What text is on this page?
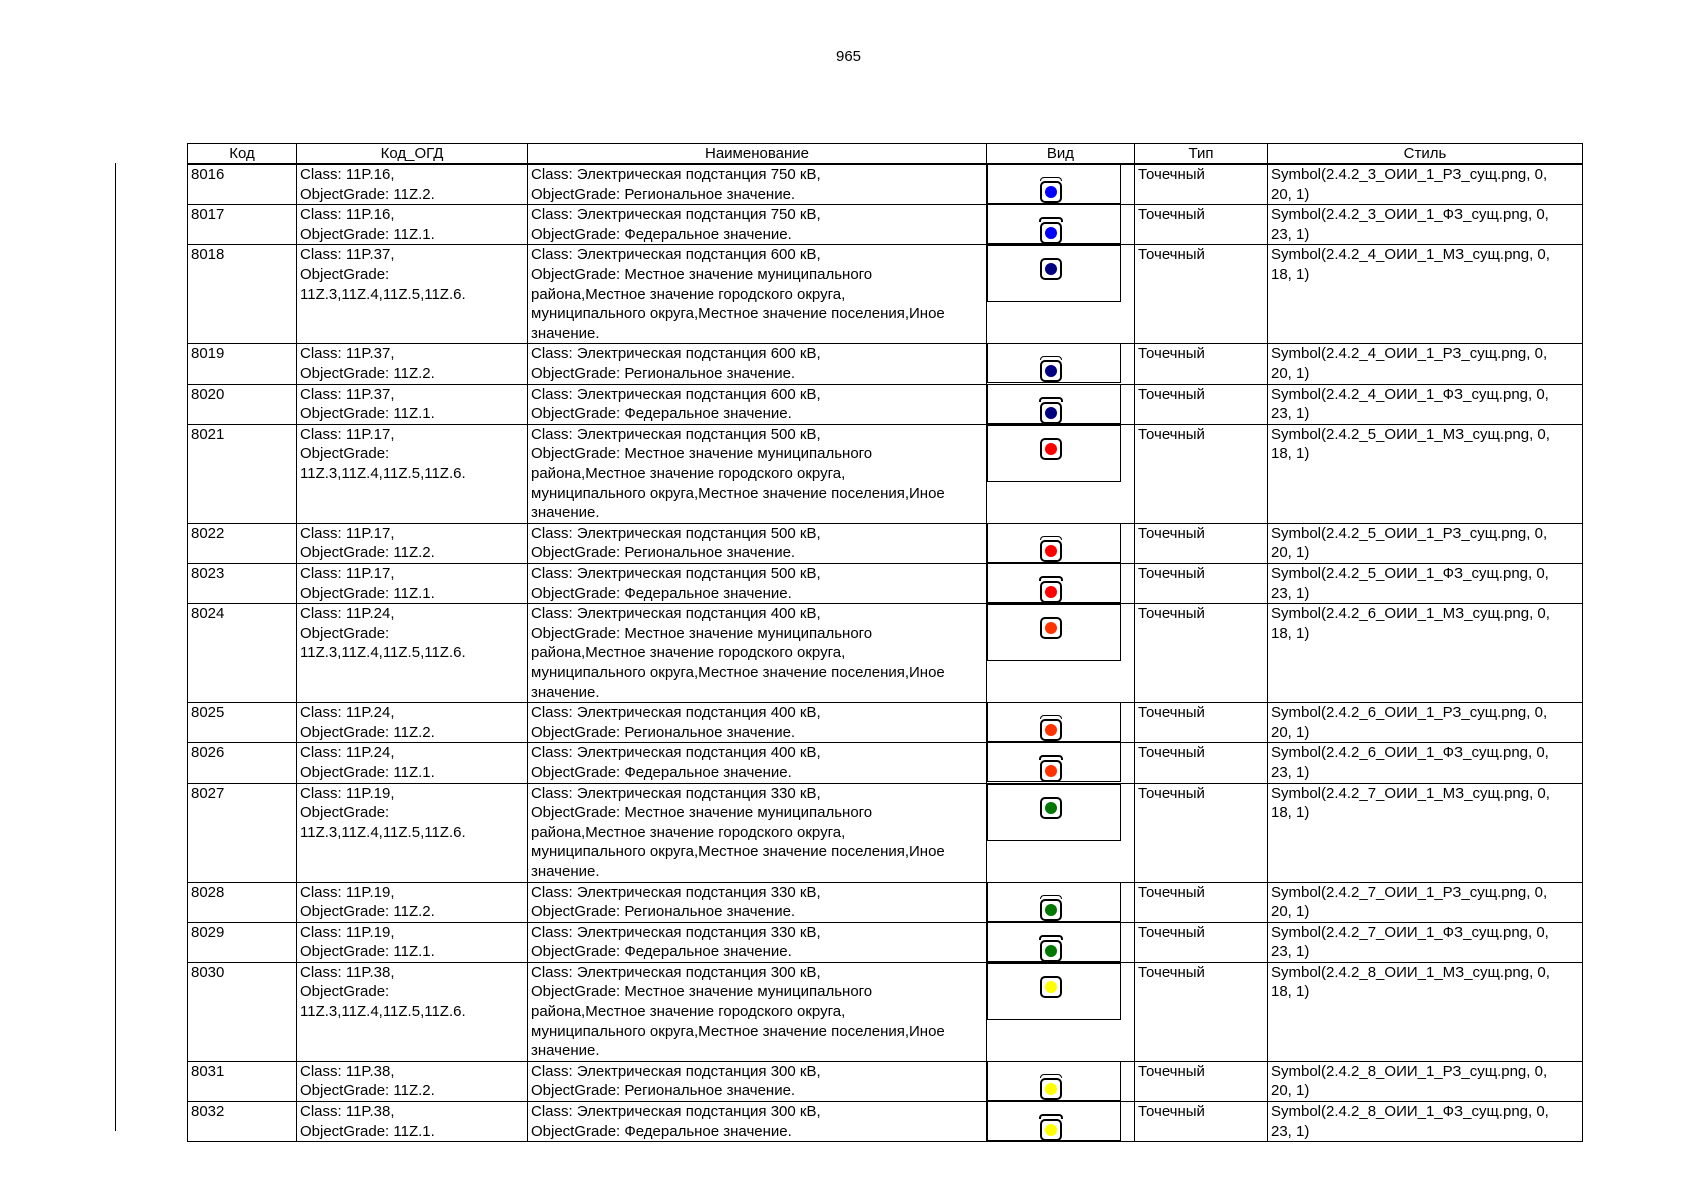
965
Код	Код_ОГД	Наименование	Вид	Тип	Стиль
8016	Class: 11P.16,
ObjectGrade: 11Z.2.	Class: Электрическая подстанция 750 кВ,
ObjectGrade: Региональное значение.		Точечный	Symbol(2.4.2_3_ОИИ_1_РЗ_сущ.png, 0,
20, 1)

8017	Class: 11P.16,
ObjectGrade: 11Z.1.	Class: Электрическая подстанция 750 кВ,
ObjectGrade: Федеральное значение.		Точечный	Symbol(2.4.2_3_ОИИ_1_ФЗ_сущ.png, 0,
23, 1)

8018	Class: 11P.37,
ObjectGrade:
11Z.3,11Z.4,11Z.5,11Z.6.	Class: Электрическая подстанция 600 кВ,
ObjectGrade: Местное значение муниципального
района,Местное значение городского округа,
муниципального округа,Местное значение поселения,Иное
значение.		Точечный	Symbol(2.4.2_4_ОИИ_1_МЗ_сущ.png, 0,
18, 1)

8019	Class: 11P.37,
ObjectGrade: 11Z.2.	Class: Электрическая подстанция 600 кВ,
ObjectGrade: Региональное значение.		Точечный	Symbol(2.4.2_4_ОИИ_1_РЗ_сущ.png, 0,
20, 1)

8020	Class: 11P.37,
ObjectGrade: 11Z.1.	Class: Электрическая подстанция 600 кВ,
ObjectGrade: Федеральное значение.		Точечный	Symbol(2.4.2_4_ОИИ_1_ФЗ_сущ.png, 0,
23, 1)

8021	Class: 11P.17,
ObjectGrade:
11Z.3,11Z.4,11Z.5,11Z.6.	Class: Электрическая подстанция 500 кВ,
ObjectGrade: Местное значение муниципального
района,Местное значение городского округа,
муниципального округа,Местное значение поселения,Иное
значение.		Точечный	Symbol(2.4.2_5_ОИИ_1_МЗ_сущ.png, 0,
18, 1)

8022	Class: 11P.17,
ObjectGrade: 11Z.2.	Class: Электрическая подстанция 500 кВ,
ObjectGrade: Региональное значение.		Точечный	Symbol(2.4.2_5_ОИИ_1_РЗ_сущ.png, 0,
20, 1)

8023	Class: 11P.17,
ObjectGrade: 11Z.1.	Class: Электрическая подстанция 500 кВ,
ObjectGrade: Федеральное значение.		Точечный	Symbol(2.4.2_5_ОИИ_1_ФЗ_сущ.png, 0,
23, 1)

8024	Class: 11P.24,
ObjectGrade:
11Z.3,11Z.4,11Z.5,11Z.6.	Class: Электрическая подстанция 400 кВ,
ObjectGrade: Местное значение муниципального
района,Местное значение городского округа,
муниципального округа,Местное значение поселения,Иное
значение.		Точечный	Symbol(2.4.2_6_ОИИ_1_МЗ_сущ.png, 0,
18, 1)

8025	Class: 11P.24,
ObjectGrade: 11Z.2.	Class: Электрическая подстанция 400 кВ,
ObjectGrade: Региональное значение.		Точечный	Symbol(2.4.2_6_ОИИ_1_РЗ_сущ.png, 0,
20, 1)

8026	Class: 11P.24,
ObjectGrade: 11Z.1.	Class: Электрическая подстанция 400 кВ,
ObjectGrade: Федеральное значение.		Точечный	Symbol(2.4.2_6_ОИИ_1_ФЗ_сущ.png, 0,
23, 1)

8027	Class: 11P.19,
ObjectGrade:
11Z.3,11Z.4,11Z.5,11Z.6.	Class: Электрическая подстанция 330 кВ,
ObjectGrade: Местное значение муниципального
района,Местное значение городского округа,
муниципального округа,Местное значение поселения,Иное
значение.		Точечный	Symbol(2.4.2_7_ОИИ_1_МЗ_сущ.png, 0,
18, 1)

8028	Class: 11P.19,
ObjectGrade: 11Z.2.	Class: Электрическая подстанция 330 кВ,
ObjectGrade: Региональное значение.		Точечный	Symbol(2.4.2_7_ОИИ_1_РЗ_сущ.png, 0,
20, 1)

8029	Class: 11P.19,
ObjectGrade: 11Z.1.	Class: Электрическая подстанция 330 кВ,
ObjectGrade: Федеральное значение.		Точечный	Symbol(2.4.2_7_ОИИ_1_ФЗ_сущ.png, 0,
23, 1)

8030	Class: 11P.38,
ObjectGrade:
11Z.3,11Z.4,11Z.5,11Z.6.	Class: Электрическая подстанция 300 кВ,
ObjectGrade: Местное значение муниципального
района,Местное значение городского округа,
муниципального округа,Местное значение поселения,Иное
значение.		Точечный	Symbol(2.4.2_8_ОИИ_1_МЗ_сущ.png, 0,
18, 1)

8031	Class: 11P.38,
ObjectGrade: 11Z.2.	Class: Электрическая подстанция 300 кВ,
ObjectGrade: Региональное значение.		Точечный	Symbol(2.4.2_8_ОИИ_1_РЗ_сущ.png, 0,
20, 1)

8032	Class: 11P.38,
ObjectGrade: 11Z.1.	Class: Электрическая подстанция 300 кВ,
ObjectGrade: Федеральное значение.		Точечный	Symbol(2.4.2_8_ОИИ_1_ФЗ_сущ.png, 0,
23, 1)
